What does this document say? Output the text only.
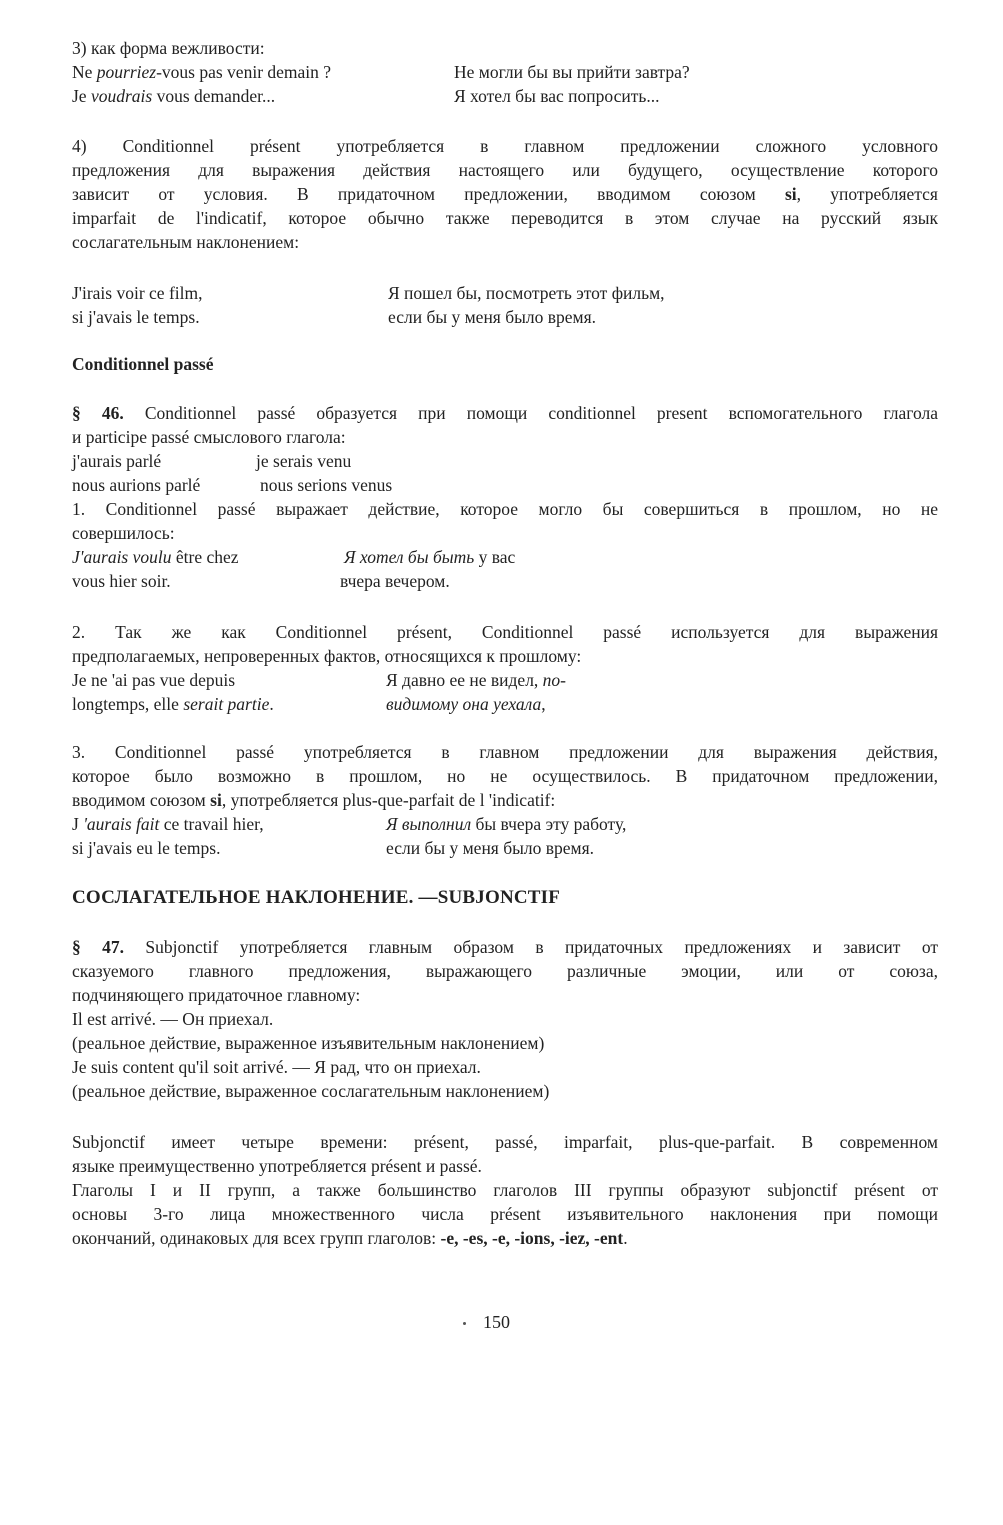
3) как форма вежливости:
Ne pourriez-vous pas venir demain ?	Не могли бы вы прийти завтра?
Je voudrais vous demander...	Я хотел бы вас попросить...
4) Conditionnel présent употребляется в главном предложении сложного условного
предложения для выражения действия настоящего или будущего, осуществление которого
зависит от условия. В придаточном предложении, вводимом союзом si, употребляется
imparfait de l'indicatif, которое обычно также переводится в этом случае на русский язык
сослагательным наклонением:
J'irais voir ce film,	Я пошел бы, посмотреть этот фильм,
si j'avais le temps.	если бы у меня было время.
Conditionnel passé
§ 46. Conditionnel passé образуется при помощи conditionnel present вспомогательного глагола
и participe passé смыслового глагола:
j'aurais parlé	je serais venu
nous aurions parlé	nous serions venus
1. Conditionnel passé выражает действие, которое могло бы совершиться в прошлом, но не
совершилось:
J'aurais voulu être chez	Я хотел бы быть у вас
vous hier soir.	вчера вечером.
2. Так же как Conditionnel présent, Conditionnel passé используется для выражения
предполагаемых, непроверенных фактов, относящихся к прошлому:
Je ne 'ai pas vue depuis	Я давно ее не видел, по-
longtemps, elle serait partie.	видимому она уехала,
3. Conditionnel passé употребляется в главном предложении для выражения действия,
которое было возможно в прошлом, но не осуществилось. В придаточном предложении,
вводимом союзом si, употребляется plus-que-parfait de l 'indicatif:
J 'aurais fait ce travail hier,	Я выполнил бы вчера эту работу,
si j'avais eu le temps.	если бы у меня было время.
СОСЛАГАТЕЛЬНОЕ НАКЛОНЕНИЕ. —SUBJONCTIF
§ 47. Subjonctif употребляется главным образом в придаточных предложениях и зависит от
сказуемого главного предложения, выражающего различные эмоции, или от союза,
подчиняющего придаточное главному:
Il est arrivé. — Он приехал.
(реальное действие, выраженное изъявительным наклонением)
Je suis content qu'il soit arrivé. — Я рад, что он приехал.
(реальное действие, выраженное сослагательным наклонением)
Subjonctif имеет четыре времени: présent, passé, imparfait, plus-que-parfait. В современном
языке преимущественно употребляется présent и passé.
Глаголы I и II групп, а также большинство глаголов III группы образуют subjonctif présent от
основы 3-го лица множественного числа présent изъявительного наклонения при помощи
окончаний, одинаковых для всех групп глаголов: -e, -es, -e, -ions, -iez, -ent.
150
